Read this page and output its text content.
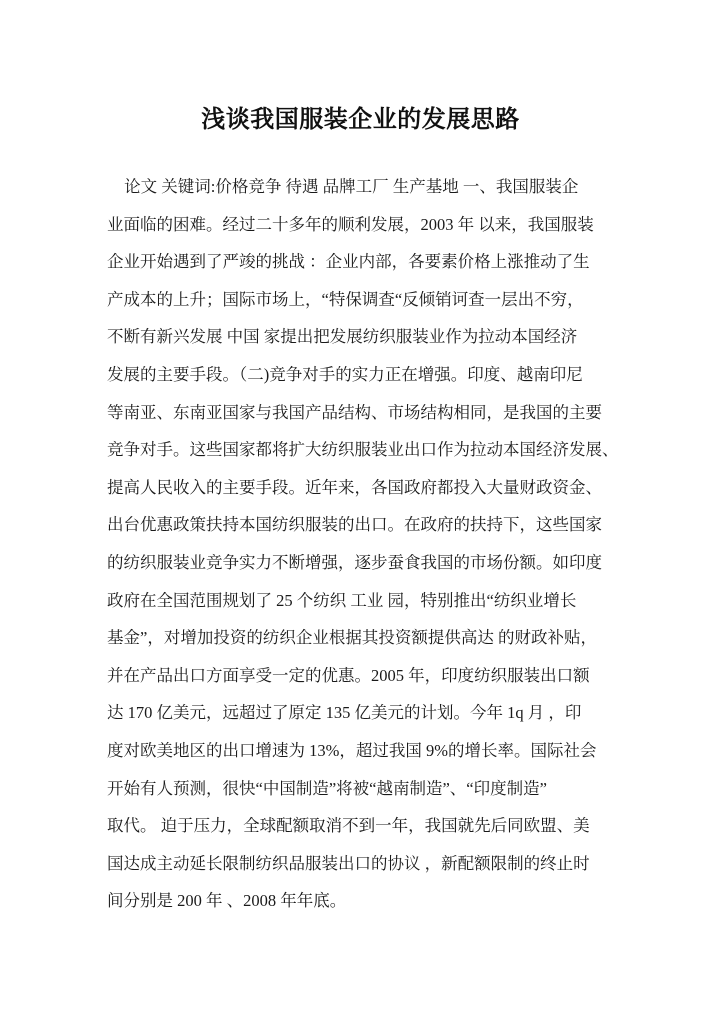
浅谈我国服装企业的发展思路
论文 关键词:价格竞争 待遇 品牌工厂 生产基地 一、我国服装企
业面临的困难。经过二十多年的顺利发展，2003 年 以来，我国服装
企业开始遇到了严竣的挑战 ：企业内部，各要素价格上涨推动了生
产成本的上升；国际市场上，“特保调查“反倾销诃查一层出不穷，
不断有新兴发展 中国 家提出把发展纺织服装业作为拉动本国经济
发展的主要手段。（二)竞争对手的实力正在增强。印度、越南印尼
等南亚、东南亚国家与我国产品结构、市场结构相同，是我国的主要
竞争对手。这些国家都将扩大纺织服装业出口作为拉动本国经济发展、
提高人民收入的主要手段。近年来，各国政府都投入大量财政资金、
出台优惠政策扶持本国纺织服装的出口。在政府的扶持下，这些国家
的纺织服装业竞争实力不断增强，逐步蚕食我国的市场份额。如印度
政府在全国范围规划了 25 个纺织 工业 园，特别推出“纺织业增长
基金”，对增加投资的纺织企业根据其投资额提供高达 的财政补贴，
并在产品出口方面享受一定的优惠。2005 年，印度纺织服装出口额
达 170 亿美元，远超过了原定 135 亿美元的计划。今年 1q 月 ，印
度对欧美地区的出口增速为 13%，超过我国 9%的增长率。国际社会
开始有人预测，很快“中国制造”将被“越南制造”、“印度制造”
取代。 迫于压力，全球配额取消不到一年，我国就先后同欧盟、美
国达成主动延长限制纺织品服装出口的协议 ，新配额限制的终止时
间分别是 200 年 、2008 年年底。
